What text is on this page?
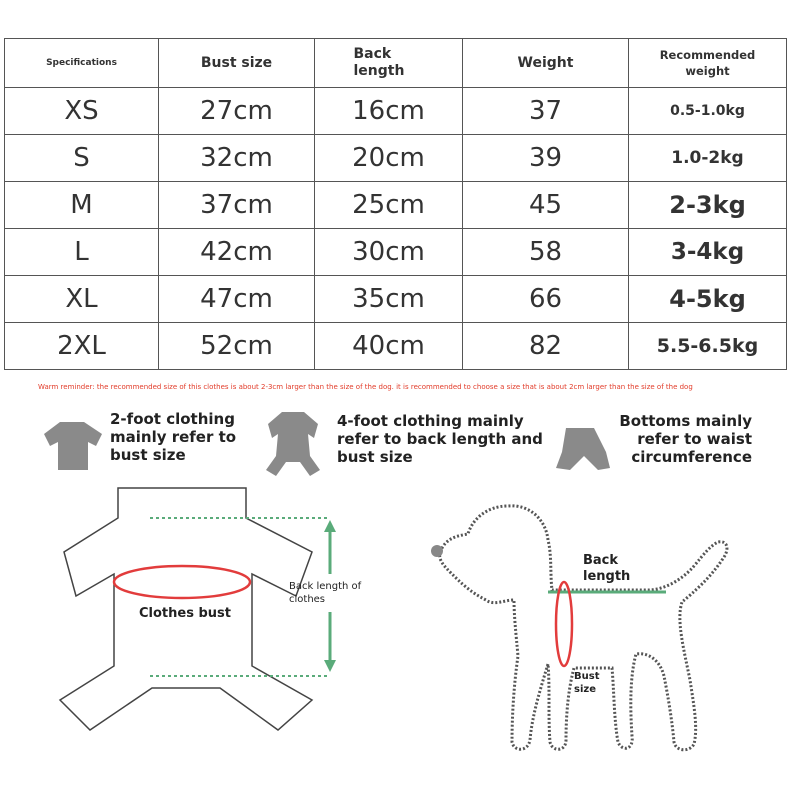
Specifications	Bust size	Back length	Weight	Recommended weight

XS	27cm	16cm	37	0.5-1.0kg
S	32cm	20cm	39	1.0-2kg
M	37cm	25cm	45	2-3kg
L	42cm	30cm	58	3-4kg
XL	47cm	35cm	66	4-5kg
2XL	52cm	40cm	82	5.5-6.5kg
Warm reminder: the recommended size of this clothes is about 2-3cm larger than the size of the dog. it is recommended to choose a size that is about 2cm larger than the size of the dog
2-foot clothing mainly refer to bust size
4-foot clothing mainly refer to back length and bust size
Bottoms mainly refer to waist circumference
Clothes bust
Back length of clothes
Back length
Bust size
